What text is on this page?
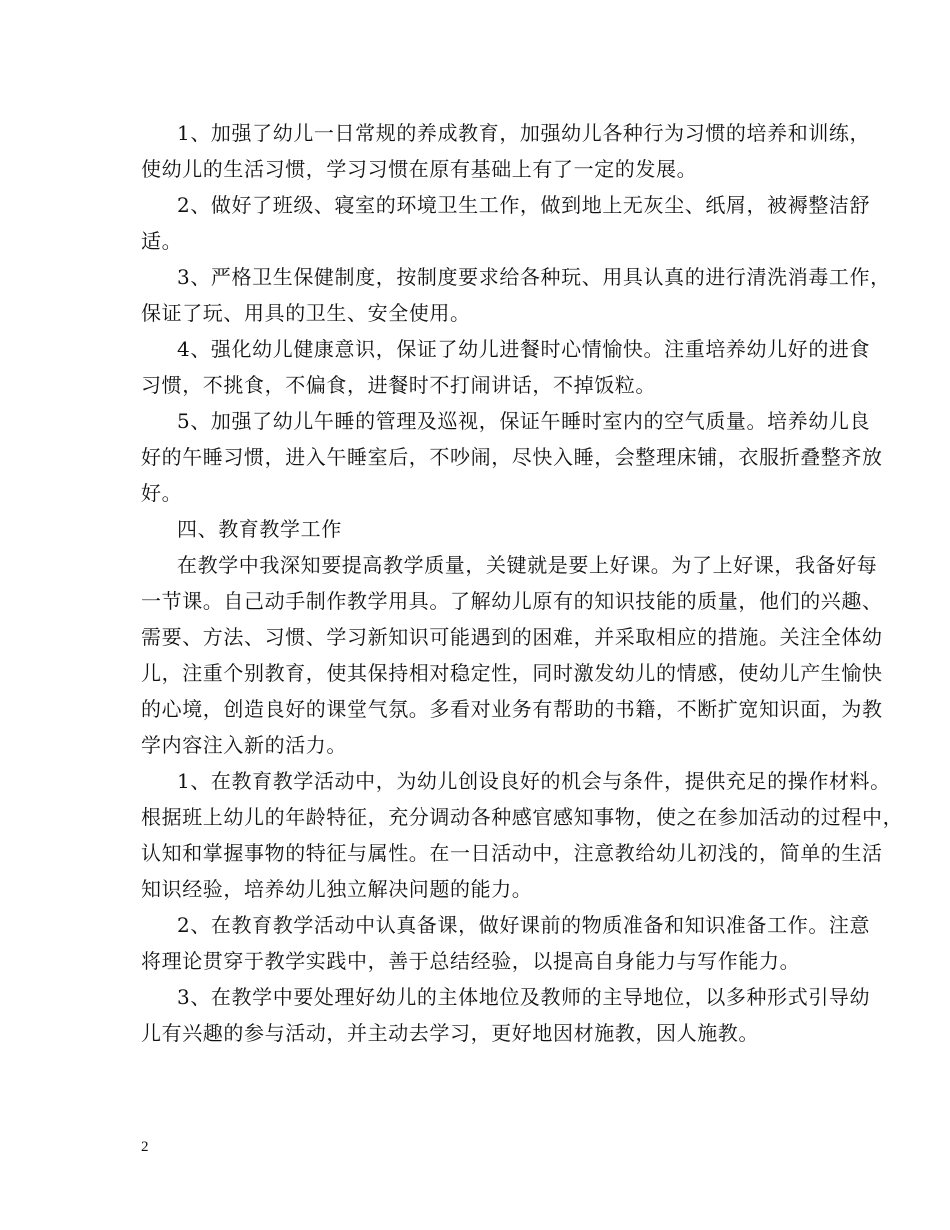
1、加强了幼儿一日常规的养成教育，加强幼儿各种行为习惯的培养和训练，
使幼儿的生活习惯，学习习惯在原有基础上有了一定的发展。
2、做好了班级、寝室的环境卫生工作，做到地上无灰尘、纸屑，被褥整洁舒
适。
3、严格卫生保健制度，按制度要求给各种玩、用具认真的进行清洗消毒工作，
保证了玩、用具的卫生、安全使用。
4、强化幼儿健康意识，保证了幼儿进餐时心情愉快。注重培养幼儿好的进食
习惯，不挑食，不偏食，进餐时不打闹讲话，不掉饭粒。
5、加强了幼儿午睡的管理及巡视，保证午睡时室内的空气质量。培养幼儿良
好的午睡习惯，进入午睡室后，不吵闹，尽快入睡，会整理床铺，衣服折叠整齐放
好。
四、教育教学工作
在教学中我深知要提高教学质量，关键就是要上好课。为了上好课，我备好每
一节课。自己动手制作教学用具。了解幼儿原有的知识技能的质量，他们的兴趣、
需要、方法、习惯、学习新知识可能遇到的困难，并采取相应的措施。关注全体幼
儿，注重个别教育，使其保持相对稳定性，同时激发幼儿的情感，使幼儿产生愉快
的心境，创造良好的课堂气氛。多看对业务有帮助的书籍，不断扩宽知识面，为教
学内容注入新的活力。
1、在教育教学活动中，为幼儿创设良好的机会与条件，提供充足的操作材料。
根据班上幼儿的年龄特征，充分调动各种感官感知事物，使之在参加活动的过程中，
认知和掌握事物的特征与属性。在一日活动中，注意教给幼儿初浅的，简单的生活
知识经验，培养幼儿独立解决问题的能力。
2、在教育教学活动中认真备课，做好课前的物质准备和知识准备工作。注意
将理论贯穿于教学实践中，善于总结经验，以提高自身能力与写作能力。
3、在教学中要处理好幼儿的主体地位及教师的主导地位，以多种形式引导幼
儿有兴趣的参与活动，并主动去学习，更好地因材施教，因人施教。
2
